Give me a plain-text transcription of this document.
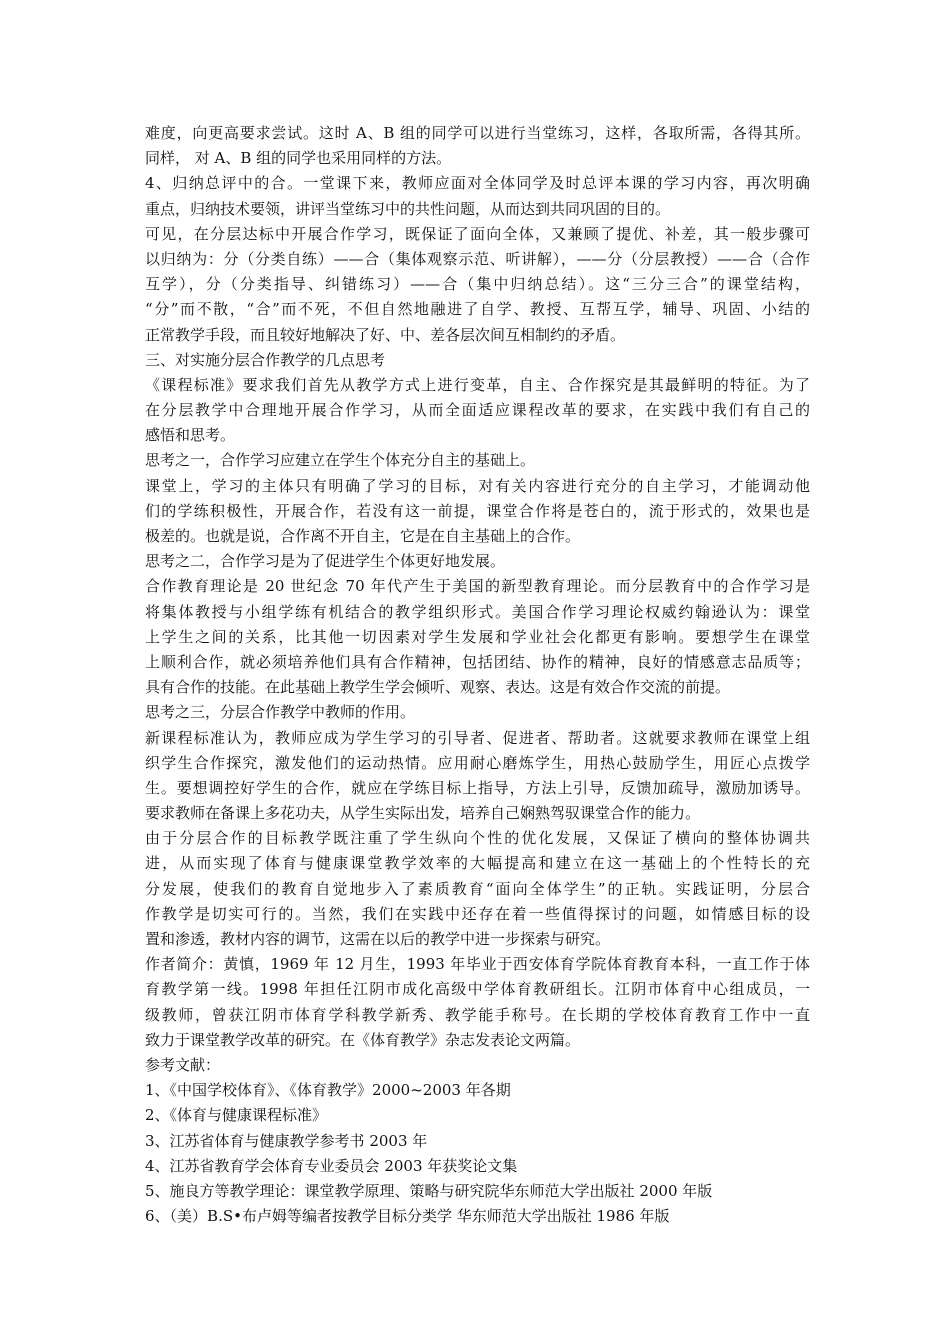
难度，向更高要求尝试。这时 A、B 组的同学可以进行当堂练习，这样，各取所需，各得其所。
同样， 对 A、B 组的同学也采用同样的方法。
4、归纳总评中的合。一堂课下来，教师应面对全体同学及时总评本课的学习内容，再次明确
重点，归纳技术要领，讲评当堂练习中的共性问题，从而达到共同巩固的目的。
可见，在分层达标中开展合作学习，既保证了面向全体，又兼顾了提优、补差，其一般步骤可
以归纳为：分（分类自练）——合（集体观察示范、听讲解），——分（分层教授）——合（合作
互学），分（分类指导、纠错练习）——合（集中归纳总结）。这“三分三合”的课堂结构，
“分”而不散，“合”而不死，不但自然地融进了自学、教授、互帮互学，辅导、巩固、小结的
正常教学手段，而且较好地解决了好、中、差各层次间互相制约的矛盾。
三、对实施分层合作教学的几点思考
《课程标准》要求我们首先从教学方式上进行变革，自主、合作探究是其最鲜明的特征。为了
在分层教学中合理地开展合作学习，从而全面适应课程改革的要求，在实践中我们有自己的
感悟和思考。
思考之一，合作学习应建立在学生个体充分自主的基础上。
课堂上，学习的主体只有明确了学习的目标，对有关内容进行充分的自主学习，才能调动他
们的学练积极性，开展合作，若没有这一前提，课堂合作将是苍白的，流于形式的，效果也是
极差的。也就是说，合作离不开自主，它是在自主基础上的合作。
思考之二，合作学习是为了促进学生个体更好地发展。
合作教育理论是 20 世纪念 70 年代产生于美国的新型教育理论。而分层教育中的合作学习是
将集体教授与小组学练有机结合的教学组织形式。美国合作学习理论权威约翰逊认为：课堂
上学生之间的关系，比其他一切因素对学生发展和学业社会化都更有影响。要想学生在课堂
上顺利合作，就必须培养他们具有合作精神，包括团结、协作的精神，良好的情感意志品质等；
具有合作的技能。在此基础上教学生学会倾听、观察、表达。这是有效合作交流的前提。
思考之三，分层合作教学中教师的作用。
新课程标准认为，教师应成为学生学习的引导者、促进者、帮助者。这就要求教师在课堂上组
织学生合作探究，激发他们的运动热情。应用耐心磨炼学生，用热心鼓励学生，用匠心点拨学
生。要想调控好学生的合作，就应在学练目标上指导，方法上引导，反馈加疏导，激励加诱导。
要求教师在备课上多花功夫，从学生实际出发，培养自己娴熟驾驭课堂合作的能力。
由于分层合作的目标教学既注重了学生纵向个性的优化发展，又保证了横向的整体协调共
进，从而实现了体育与健康课堂教学效率的大幅提高和建立在这一基础上的个性特长的充
分发展，使我们的教育自觉地步入了素质教育“面向全体学生”的正轨。实践证明，分层合
作教学是切实可行的。当然，我们在实践中还存在着一些值得探讨的问题，如情感目标的设
置和渗透，教材内容的调节，这需在以后的教学中进一步探索与研究。
作者简介：黄慎，1969 年 12 月生，1993 年毕业于西安体育学院体育教育本科，一直工作于体
育教学第一线。1998 年担任江阴市成化高级中学体育教研组长。江阴市体育中心组成员，一
级教师，曾获江阴市体育学科教学新秀、教学能手称号。在长期的学校体育教育工作中一直
致力于课堂教学改革的研究。在《体育教学》杂志发表论文两篇。
参考文献：
1、《中国学校体育》、《体育教学》2000~2003 年各期
2、《体育与健康课程标准》
3、江苏省体育与健康教学参考书 2003 年
4、江苏省教育学会体育专业委员会 2003 年获奖论文集
5、施良方等教学理论：课堂教学原理、策略与研究院华东师范大学出版社 2000 年版
6、（美）B.S•布卢姆等编者按教学目标分类学 华东师范大学出版社 1986 年版
